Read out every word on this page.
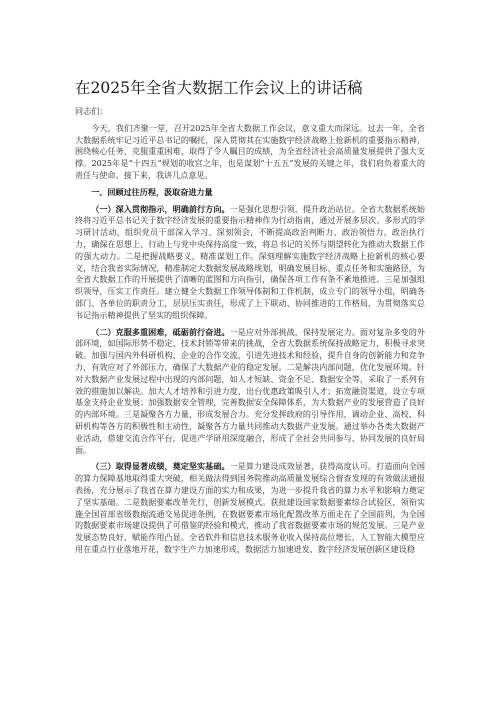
在2025年全省大数据工作会议上的讲话稿

同志们：

今天，我们齐聚一堂，召开2025年全省大数据工作会议，意义重大而深远。过去一年，全省大数据系统牢记习近平总书记的嘱托，深入贯彻其在实施数字经济战略上抢新机的重要指示精神，围绕核心任务，克服重重困难，取得了令人瞩目的成绩，为全省经济社会高质量发展提供了强大支撑。2025年是“十四五”规划的收官之年，也是谋划“十五五”发展的关键之年，我们肩负着重大的责任与使命。接下来，我讲几点意见。

一、回顾过往历程，汲取奋进力量

（一）深入贯彻指示，明确前行方向。一是强化思想引领，提升政治站位。全省大数据系统始终将习近平总书记关于数字经济发展的重要指示精神作为行动指南，通过开展多层次、多形式的学习研讨活动，组织党员干部深入学习、深刻领会，不断提高政治判断力、政治领悟力、政治执行力，确保在思想上、行动上与党中央保持高度一致，将总书记的关怀与期望转化为推动大数据工作的强大动力。二是把握战略要义，精准谋划工作。深刻理解实施数字经济战略上抢新机的核心要义，结合我省实际情况，精准制定大数据发展战略规划，明确发展目标、重点任务和实施路径，为全省大数据工作的开展提供了清晰的蓝图和方向指引，确保各项工作有条不紊地推进。三是加强组织领导，压实工作责任。建立健全大数据工作领导体制和工作机制，成立专门的领导小组，明确各部门、各单位的职责分工，层层压实责任，形成了上下联动、协同推进的工作格局，为贯彻落实总书记指示精神提供了坚实的组织保障。

（二）克服多重困难，砥砺前行奋进。一是应对外部挑战，保持发展定力。面对复杂多变的外部环境，如国际形势不稳定、技术封锁等带来的挑战，全省大数据系统保持战略定力，积极寻求突破。加强与国内外科研机构、企业的合作交流，引进先进技术和经验，提升自身的创新能力和竞争力，有效应对了外部压力，确保了大数据产业的稳定发展。二是解决内部问题，优化发展环境。针对大数据产业发展过程中出现的内部问题，如人才短缺、资金不足、数据安全等，采取了一系列有效的措施加以解决。加大人才培养和引进力度，出台优惠政策吸引人才；拓宽融资渠道，设立专项基金支持企业发展；加强数据安全管理，完善数据安全保障体系，为大数据产业的发展营造了良好的内部环境。三是凝聚各方力量，形成发展合力。充分发挥政府的引导作用，调动企业、高校、科研机构等各方的积极性和主动性，凝聚各方力量共同推动大数据产业发展。通过举办各类大数据产业活动，搭建交流合作平台，促进产学研用深度融合，形成了全社会共同参与、协同发展的良好局面。

（三）取得显著成绩，奠定坚实基础。一是算力建设成效显著，获得高度认可。打造面向全国的算力保障基地取得重大突破，相关做法得到国务院推动高质量发展综合督查发现的有效做法通报表扬，充分展示了我省在算力建设方面的实力和成果，为进一步提升我省的算力水平和影响力奠定了坚实基础。二是数据要素改革先行，创新发展模式。获批建设国家数据要素综合试验区，领衔实施全国首部省级数据流通交易促进条例，在数据要素市场化配置改革方面走在了全国前列，为全国的数据要素市场建设提供了可借鉴的经验和模式，推动了我省数据要素市场的规范发展。三是产业发展态势良好，赋能作用凸显。全省软件和信息技术服务业收入保持高位增长，人工智能大模型应用在重点行业落地开花，数字生产力加速形成，数据活力加速迸发，数字经济发展创新区建设稳
